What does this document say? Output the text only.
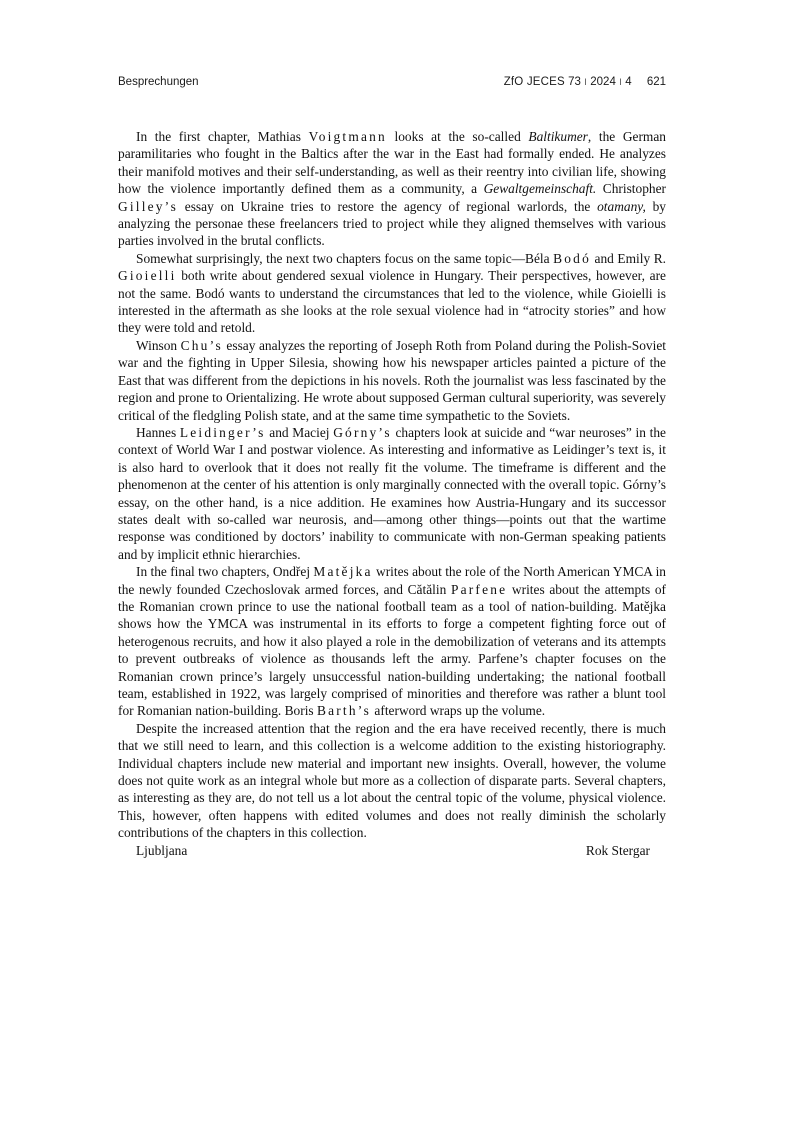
Besprechungen	ZfO JECES 73 ǀ 2024 ǀ 4 621

In the first chapter, Mathias Voigtmann looks at the so-called Baltikumer, the German paramilitaries who fought in the Baltics after the war in the East had formally ended. He analyzes their manifold motives and their self-understanding, as well as their reentry into civilian life, showing how the violence importantly defined them as a community, a Gewaltgemeinschaft. Christopher Gilley’s essay on Ukraine tries to restore the agency of regional warlords, the otamany, by analyzing the personae these freelancers tried to project while they aligned themselves with various parties involved in the brutal conflicts.

Somewhat surprisingly, the next two chapters focus on the same topic—Béla Bodó and Emily R. Gioielli both write about gendered sexual violence in Hungary. Their perspectives, however, are not the same. Bodó wants to understand the circumstances that led to the violence, while Gioielli is interested in the aftermath as she looks at the role sexual violence had in “atrocity stories” and how they were told and retold.

Winson Chu’s essay analyzes the reporting of Joseph Roth from Poland during the Polish-Soviet war and the fighting in Upper Silesia, showing how his newspaper articles painted a picture of the East that was different from the depictions in his novels. Roth the journalist was less fascinated by the region and prone to Orientalizing. He wrote about supposed German cultural superiority, was severely critical of the fledgling Polish state, and at the same time sympathetic to the Soviets.

Hannes Leidinger’s and Maciej Górny’s chapters look at suicide and “war neuroses” in the context of World War I and postwar violence. As interesting and informative as Leidinger’s text is, it is also hard to overlook that it does not really fit the volume. The timeframe is different and the phenomenon at the center of his attention is only marginally connected with the overall topic. Górny’s essay, on the other hand, is a nice addition. He examines how Austria-Hungary and its successor states dealt with so-called war neurosis, and—among other things—points out that the wartime response was conditioned by doctors’ inability to communicate with non-German speaking patients and by implicit ethnic hierarchies.

In the final two chapters, Ondřej Matějka writes about the role of the North American YMCA in the newly founded Czechoslovak armed forces, and Cătălin Parfene writes about the attempts of the Romanian crown prince to use the national football team as a tool of nation-building. Matějka shows how the YMCA was instrumental in its efforts to forge a competent fighting force out of heterogenous recruits, and how it also played a role in the demobilization of veterans and its attempts to prevent outbreaks of violence as thousands left the army. Parfene’s chapter focuses on the Romanian crown prince’s largely unsuccessful nation-building undertaking; the national football team, established in 1922, was largely comprised of minorities and therefore was rather a blunt tool for Romanian nation-building. Boris Barth’s afterword wraps up the volume.

Despite the increased attention that the region and the era have received recently, there is much that we still need to learn, and this collection is a welcome addition to the existing historiography. Individual chapters include new material and important new insights. Overall, however, the volume does not quite work as an integral whole but more as a collection of disparate parts. Several chapters, as interesting as they are, do not tell us a lot about the central topic of the volume, physical violence. This, however, often happens with edited volumes and does not really diminish the scholarly contributions of the chapters in this collection.

Ljubljana	Rok Stergar
